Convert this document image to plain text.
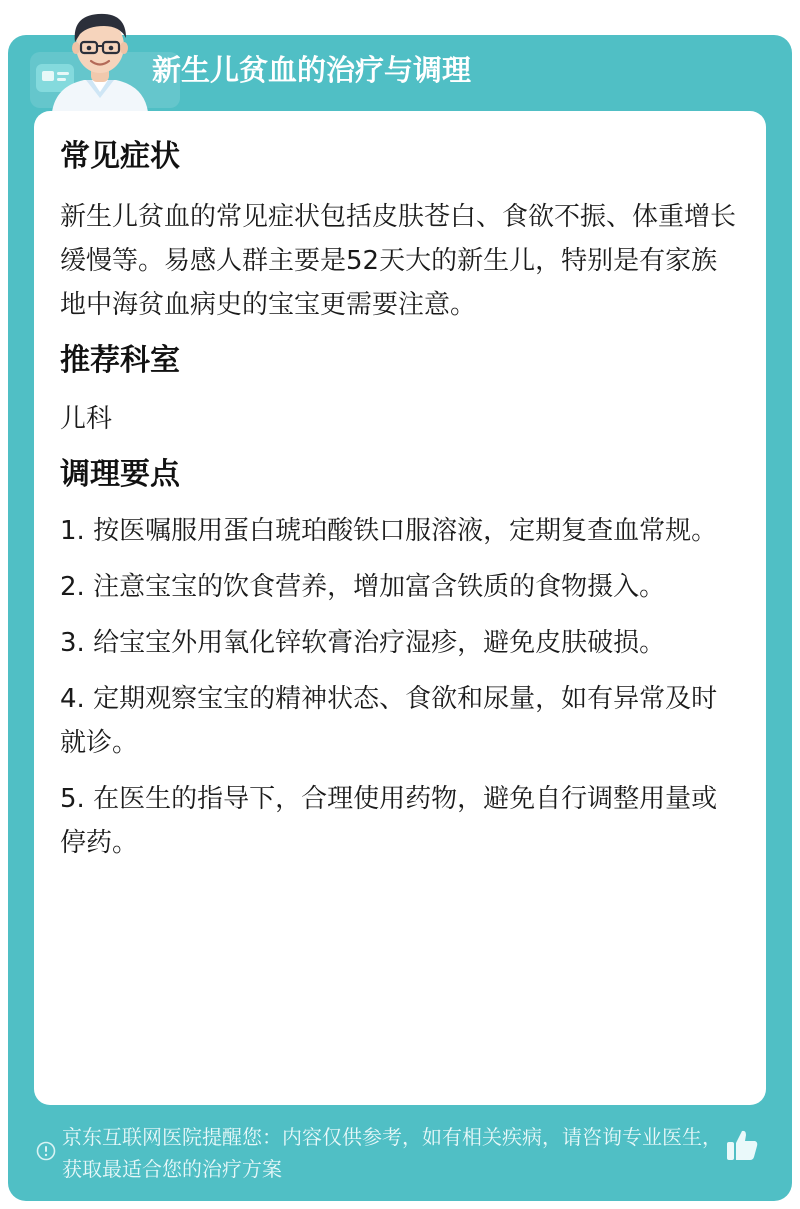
新生儿贫血的治疗与调理
常见症状

新生儿贫血的常见症状包括皮肤苍白、食欲不振、体重增长缓慢等。易感人群主要是52天大的新生儿，特别是有家族地中海贫血病史的宝宝更需要注意。

推荐科室

儿科

调理要点
1. 按医嘱服用蛋白琥珀酸铁口服溶液，定期复查血常规。
2. 注意宝宝的饮食营养，增加富含铁质的食物摄入。
3. 给宝宝外用氧化锌软膏治疗湿疹，避免皮肤破损。
4. 定期观察宝宝的精神状态、食欲和尿量，如有异常及时就诊。
5. 在医生的指导下，合理使用药物，避免自行调整用量或停药。
京东互联网医院提醒您：内容仅供参考，如有相关疾病，请咨询专业医生，获取最适合您的治疗方案
